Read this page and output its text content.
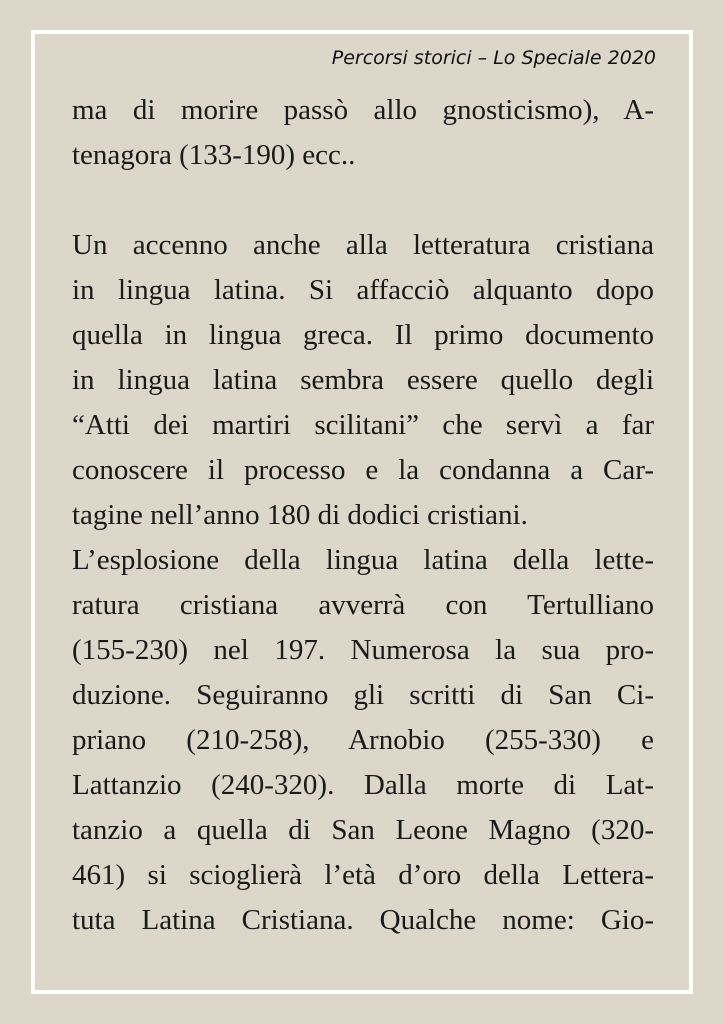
Percorsi storici – Lo Speciale 2020
ma di morire passò allo gnosticismo), A-
tenagora (133-190) ecc..
Un accenno anche alla letteratura cristiana
in lingua latina. Si affacciò alquanto dopo
quella in lingua greca. Il primo documento
in lingua latina sembra essere quello degli
“Atti dei martiri scilitani” che servì a far
conoscere il processo e la condanna a Car-
tagine nell’anno 180 di dodici cristiani.
L’esplosione della lingua latina della lette-
ratura cristiana avverrà con Tertulliano
(155-230) nel 197. Numerosa la sua pro-
duzione. Seguiranno gli scritti di San Ci-
priano (210-258), Arnobio (255-330) e
Lattanzio (240-320). Dalla morte di Lat-
tanzio a quella di San Leone Magno (320-
461) si scioglierà l’età d’oro della Lettera-
tuta Latina Cristiana. Qualche nome: Gio-
